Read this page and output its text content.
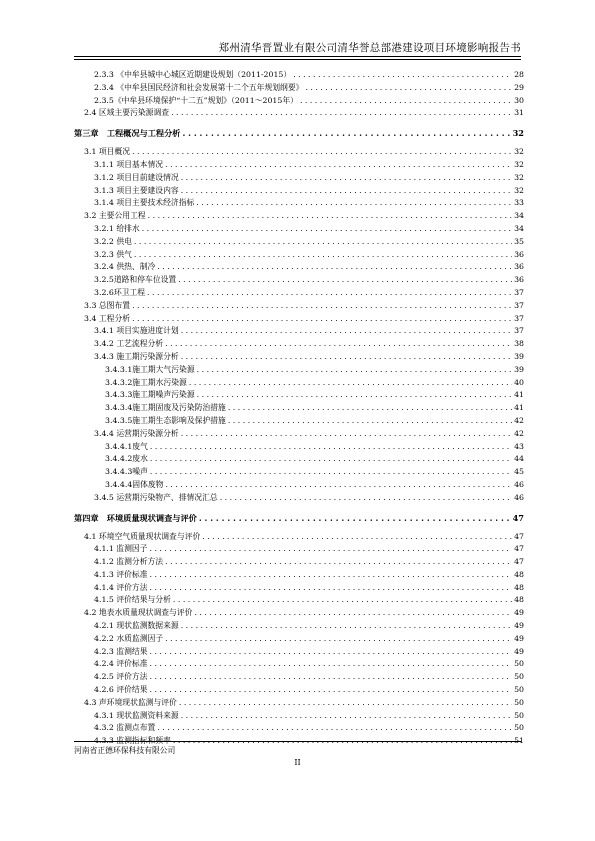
郑州清华晋置业有限公司清华誉总部港建设项目环境影响报告书
2.3.3 《中牟县城中心城区近期建设规划（2011-2015） . . .	28
2.3.4 《中牟县国民经济和社会发展第十二个五年规划纲要》 . . .	29
2.3.5《中牟县环境保护“十二五”规划》（2011～2015年） . . .	30
2.4 区域主要污染源调查 . . .	31
第三章　工程概况与工程分析 . . .	32
3.1 项目概况 . . .	32
3.1.1 项目基本情况 . . .	32
3.1.2 项目目前建设情况 . . .	32
3.1.3 项目主要建设内容 . . .	32
3.1.4 项目主要技术经济指标 . . .	33
3.2 主要公用工程 . . .	34
3.2.1 给排水 . . .	34
3.2.2 供电 . . .	35
3.2.3 供气 . . .	36
3.2.4 供热、制冷 . . .	36
3.2.5道路和停车位设置 . . .	36
3.2.6环卫工程 . . .	37
3.3 总图布置 . . .	37
3.4 工程分析 . . .	37
3.4.1 项目实施进度计划 . . .	37
3.4.2 工艺流程分析 . . .	38
3.4.3 施工期污染源分析 . . .	39
3.4.3.1施工期大气污染源 . . .	39
3.4.3.2施工期水污染源 . . .	40
3.4.3.3施工期噪声污染源 . . .	41
3.4.3.4施工期固废及污染防治措施 . . .	41
3.4.3.5施工期生态影响及保护措施 . . .	42
3.4.4 运营期污染源分析 . . .	42
3.4.4.1废气 . . .	43
3.4.4.2废水 . . .	44
3.4.4.3噪声 . . .	45
3.4.4.4固体废物 . . .	46
3.4.5 运营期污染物产、排情况汇总 . . .	46
第四章　环境质量现状调查与评价 . . .	47
4.1 环境空气质量现状调查与评价 . . .	47
4.1.1 监测因子 . . .	47
4.1.2 监测分析方法 . . .	47
4.1.3 评价标准 . . .	48
4.1.4 评价方法 . . .	48
4.1.5 评价结果与分析 . . .	48
4.2 地表水质量现状调查与评价 . . .	49
4.2.1 现状监测数据来源 . . .	49
4.2.2 水质监测因子 . . .	49
4.2.3 监测结果 . . .	49
4.2.4 评价标准 . . .	50
4.2.5 评价方法 . . .	50
4.2.6 评价结果 . . .	50
4.3 声环境现状监测与评价 . . .	50
4.3.1 现状监测资料来源 . . .	50
4.3.2 监测点布置 . . .	50
4.3.3 监测指标和频率 . . .	51
河南省正德环保科技有限公司
II
